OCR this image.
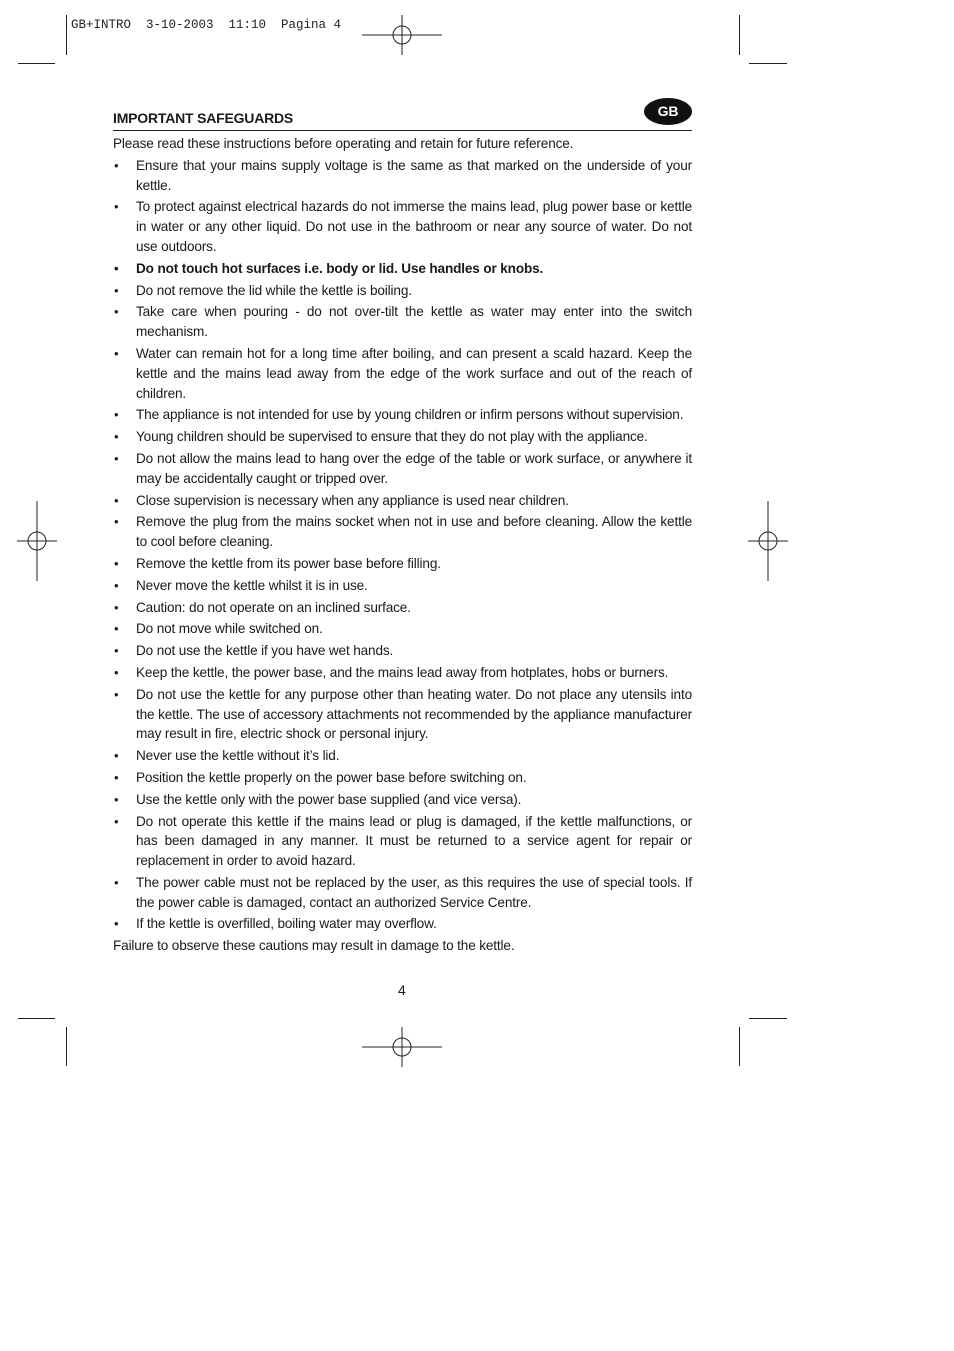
GB+INTRO  3-10-2003  11:10  Pagina 4
IMPORTANT SAFEGUARDS	GB
Please read these instructions before operating and retain for future reference.
• Ensure that your mains supply voltage is the same as that marked on the underside of your kettle.
• To protect against electrical hazards do not immerse the mains lead, plug power base or kettle in water or any other liquid. Do not use in the bathroom or near any source of water. Do not use outdoors.
• Do not touch hot surfaces i.e. body or lid. Use handles or knobs.
• Do not remove the lid while the kettle is boiling.
• Take care when pouring - do not over-tilt the kettle as water may enter into the switch mechanism.
• Water can remain hot for a long time after boiling, and can present a scald hazard. Keep the kettle and the mains lead away from the edge of the work surface and out of the reach of children.
• The appliance is not intended for use by young children or infirm persons without supervision.
• Young children should be supervised to ensure that they do not play with the appliance.
• Do not allow the mains lead to hang over the edge of the table or work surface, or anywhere it may be accidentally caught or tripped over.
• Close supervision is necessary when any appliance is used near children.
• Remove the plug from the mains socket when not in use and before cleaning. Allow the kettle to cool before cleaning.
• Remove the kettle from its power base before filling.
• Never move the kettle whilst it is in use.
• Caution: do not operate on an inclined surface.
• Do not move while switched on.
• Do not use the kettle if you have wet hands.
• Keep the kettle, the power base, and the mains lead away from hotplates, hobs or burners.
• Do not use the kettle for any purpose other than heating water. Do not place any utensils into the kettle. The use of accessory attachments not recommended by the appliance manufacturer may result in fire, electric shock or personal injury.
• Never use the kettle without it’s lid.
• Position the kettle properly on the power base before switching on.
• Use the kettle only with the power base supplied (and vice versa).
• Do not operate this kettle if the mains lead or plug is damaged, if the kettle malfunctions, or has been damaged in any manner. It must be returned to a service agent for repair or replacement in order to avoid hazard.
• The power cable must not be replaced by the user, as this requires the use of special tools. If the power cable is damaged, contact an authorized Service Centre.
• If the kettle is overfilled, boiling water may overflow.
Failure to observe these cautions may result in damage to the kettle.
4
